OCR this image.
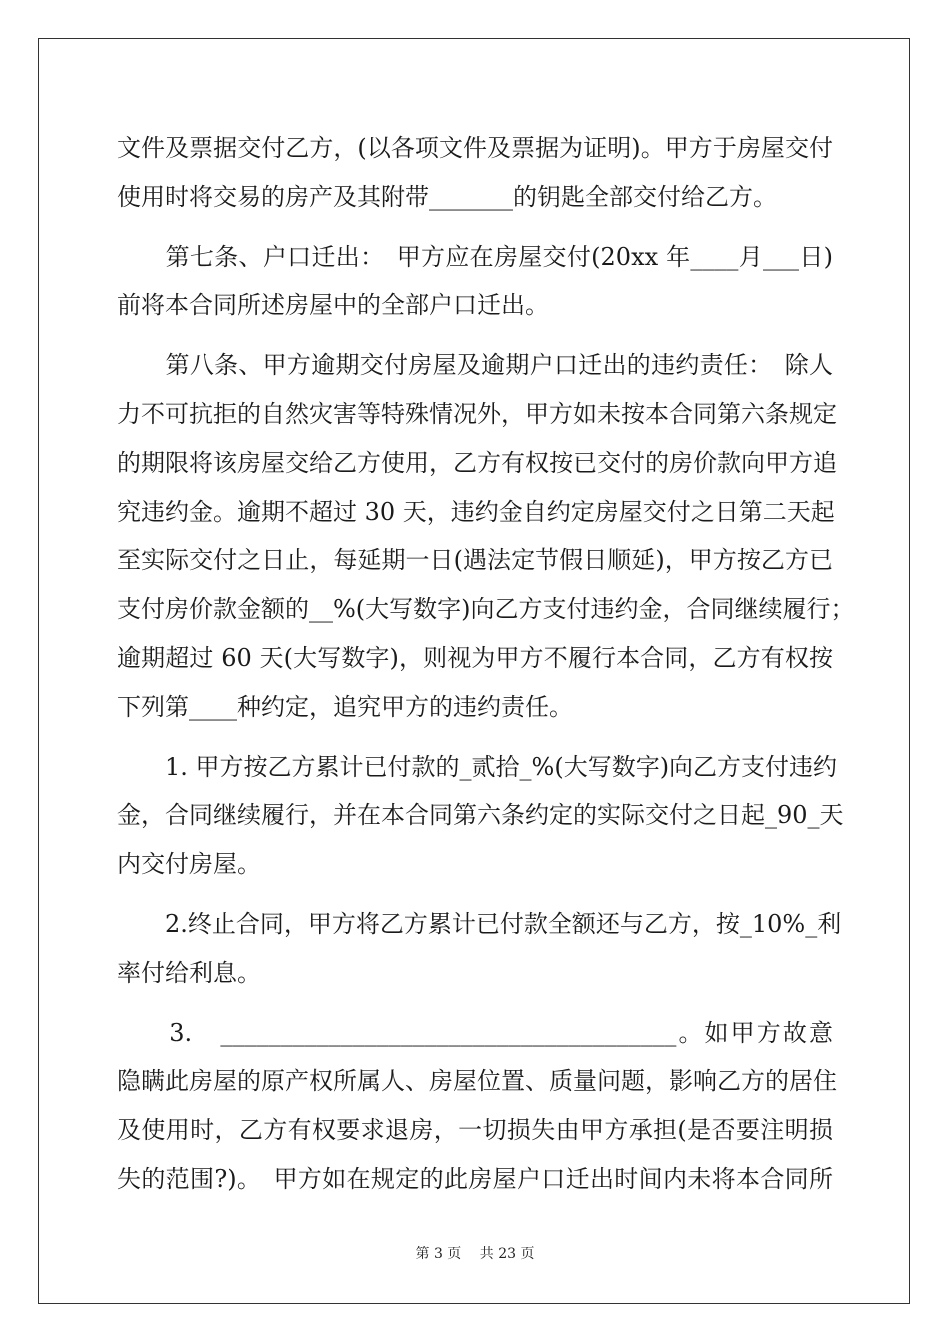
文件及票据交付乙方，(以各项文件及票据为证明)。甲方于房屋交付
使用时将交易的房产及其附带_______的钥匙全部交付给乙方。
　　第七条、户口迁出：　甲方应在房屋交付(20xx 年____月___日)
前将本合同所述房屋中的全部户口迁出。
　　第八条、甲方逾期交付房屋及逾期户口迁出的违约责任：　除人
力不可抗拒的自然灾害等特殊情况外，甲方如未按本合同第六条规定
的期限将该房屋交给乙方使用，乙方有权按已交付的房价款向甲方追
究违约金。逾期不超过 30 天，违约金自约定房屋交付之日第二天起
至实际交付之日止，每延期一日(遇法定节假日顺延)，甲方按乙方已
支付房价款金额的__%(大写数字)向乙方支付违约金，合同继续履行；
逾期超过 60 天(大写数字)，则视为甲方不履行本合同，乙方有权按
下列第____种约定，追究甲方的违约责任。
　　1. 甲方按乙方累计已付款的_贰拾_%(大写数字)向乙方支付违约
金，合同继续履行，并在本合同第六条约定的实际交付之日起_90_天
内交付房屋。
　　2.终止合同，甲方将乙方累计已付款全额还与乙方，按_10%_利
率付给利息。
　　3.　______________________________________。如甲方故意
隐瞒此房屋的原产权所属人、房屋位置、质量问题，影响乙方的居住
及使用时，乙方有权要求退房，一切损失由甲方承担(是否要注明损
失的范围?)。　甲方如在规定的此房屋户口迁出时间内未将本合同所
第 3 页　 共 23 页
